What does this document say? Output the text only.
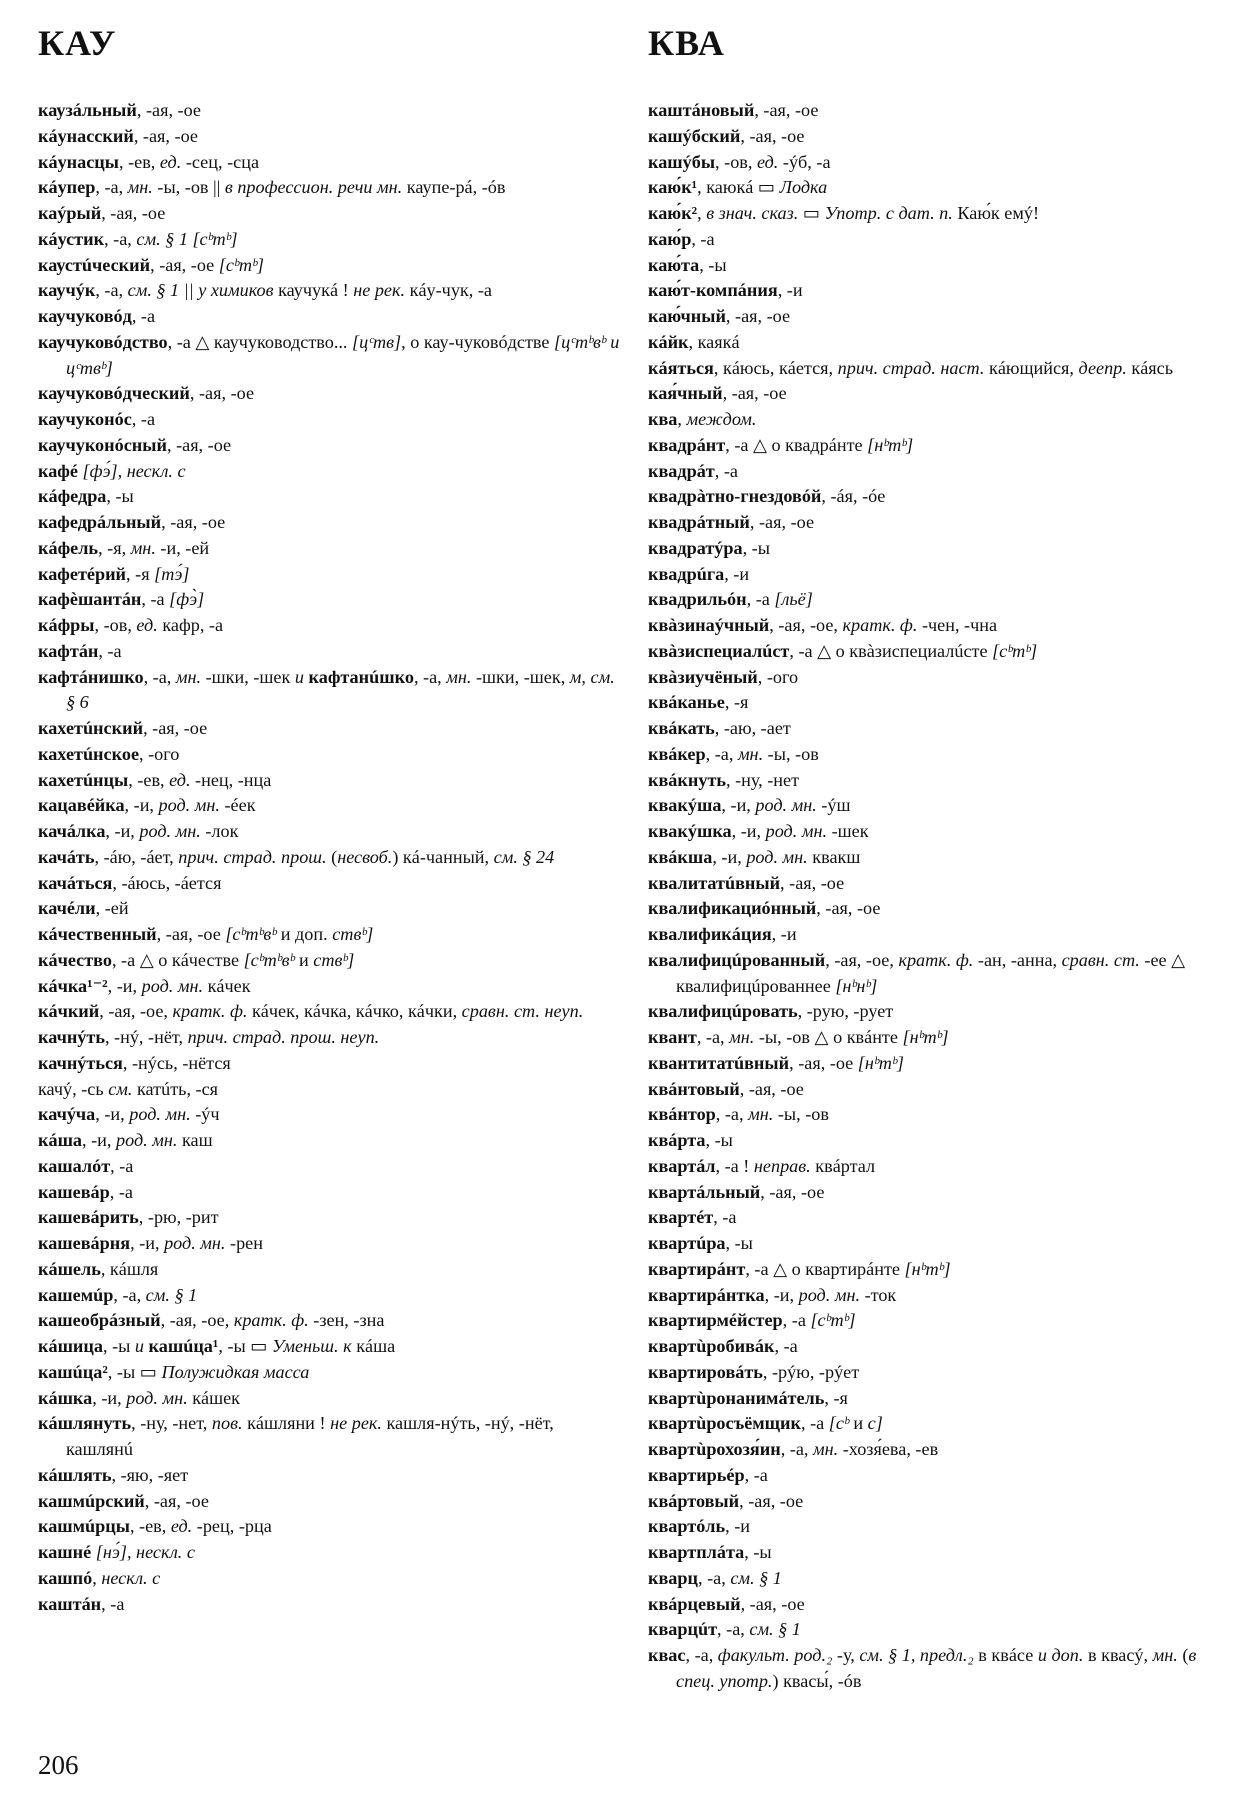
КАУ	КВА
каузáльный, -ая, -ое
кáунасский, -ая, -ое
кáунасцы, -ев, ед. -сец, -сца
кáупер, -а, мн. -ы, -ов || в профессион. речи мн. каупе-рá, -óв
каýрый, -ая, -ое
кáустик, -а, см. § 1 [сᵇтᵇ]
каустúческий, -ая, -ое [сᵇтᵇ]
каучýк, -а, см. § 1 || у химиков каучукá ! не рек. кáу-чук, -а
каучуковóд, -а
каучуковóдство, -а △ каучуководство... [цᶜтв], о кау-чуковóдстве [цᶜтᵇвᵇ и цᶜтвᵇ]
каучуковóдческий, -ая, -ое
каучуконóс, -а
каучуконóсный, -ая, -ое
кафé [фэ́], нескл. с
кáфедра, -ы
кафедрáльный, -ая, -ое
кáфель, -я, мн. -и, -ей
кафетéрий, -я [тэ́]
кафѐшантáн, -а [фэ̀]
кáфры, -ов, ед. кафр, -а
кафтáн, -а
кафтáнишко, -а, мн. -шки, -шек и кафтанúшко, -а, мн. -шки, -шек, м, см. § 6
кахетúнский, -ая, -ое
кахетúнское, -ого
кахетúнцы, -ев, ед. -нец, -нца
кацавéйка, -и, род. мн. -éек
качáлка, -и, род. мн. -лок
качáть, -áю, -áет, прич. страд. прош. (несвоб.) кá-чанный, см. § 24
качáться, -áюсь, -áется
качéли, -ей
кáчественный, -ая, -ое [сᵇтᵇвᵇ и доп. ствᵇ]
кáчество, -а △ о кáчестве [сᵇтᵇвᵇ и ствᵇ]
кáчка¹⁻², -и, род. мн. кáчек
кáчкий, -ая, -ое, кратк. ф. кáчек, кáчка, кáчко, кáчки, сравн. ст. неуп.
качнýть, -нý, -нёт, прич. страд. прош. неуп.
качнýться, -нýсь, -нётся
качý, -сь см. катúть, -ся
качýча, -и, род. мн. -ýч
кáша, -и, род. мн. каш
кашалóт, -а
кашевáр, -а
кашевáрить, -рю, -рит
кашевáрня, -и, род. мн. -рен
кáшель, кáшля
кашемúр, -а, см. § 1
кашеобрáзный, -ая, -ое, кратк. ф. -зен, -зна
кáшица, -ы и кашúца¹, -ы ▭ Уменьш. к кáша
кашúца², -ы ▭ Полужидкая масса
кáшка, -и, род. мн. кáшек
кáшлянуть, -ну, -нет, пов. кáшляни ! не рек. кашля-нýть, -нý, -нёт, кашлянú
кáшлять, -яю, -яет
кашмúрский, -ая, -ое
кашмúрцы, -ев, ед. -рец, -рца
кашнé [нэ́], нескл. с
кашпó, нескл. с
каштáн, -а
каштáновый, -ая, -ое
кашýбский, -ая, -ое
кашýбы, -ов, ед. -ýб, -а
каю́к¹, каюкá ▭ Лодка
каю́к², в знач. сказ. ▭ Употр. с дат. п. Каю́к емý!
каю́р, -а
каю́та, -ы
каю́т-компáния, -и
каю́чный, -ая, -ое
кáйк, каякá
кáяться, кáюсь, кáется, прич. страд. наст. кáющийся, деепр. кáясь
кая́чный, -ая, -ое
ква, междом.
квадрáнт, -а △ о квадрáнте [нᵇтᵇ]
квадрáт, -а
квадрàтно-гнездовóй, -áя, -óе
квадрáтный, -ая, -ое
квадратýра, -ы
квадрúга, -и
квадрильóн, -а [льё]
квàзинаýчный, -ая, -ое, кратк. ф. -чен, -чна
квàзиспециалúст, -а △ о квàзиспециалúсте [сᵇтᵇ]
квàзиучёный, -ого
квáканье, -я
квáкать, -аю, -ает
квáкер, -а, мн. -ы, -ов
квáкнуть, -ну, -нет
квакýша, -и, род. мн. -ýш
квакýшка, -и, род. мн. -шек
квáкша, -и, род. мн. квакш
квалитатúвный, -ая, -ое
квалификациóнный, -ая, -ое
квалификáция, -и
квалифицúрованный, -ая, -ое, кратк. ф. -ан, -анна, сравн. ст. -ее △ квалифицúрованнее [нᵇнᵇ]
квалифицúровать, -рую, -рует
квант, -а, мн. -ы, -ов △ о квáнте [нᵇтᵇ]
квантитатúвный, -ая, -ое [нᵇтᵇ]
квáнтовый, -ая, -ое
квáнтор, -а, мн. -ы, -ов
квáрта, -ы
квартáл, -а ! неправ. квáртал
квартáльный, -ая, -ое
квартéт, -а
квартúра, -ы
квартирáнт, -а △ о квартирáнте [нᵇтᵇ]
квартирáнтка, -и, род. мн. -ток
квартирмéйстер, -а [сᵇтᵇ]
квартùробивáк, -а
квартировáть, -рýю, -рýет
квартùронанимáтель, -я
квартùросъёмщик, -а [сᵇ и с]
квартùрохозя́ин, -а, мн. -хозя́ева, -ев
квартирьéр, -а
квáртовый, -ая, -ое
квартóль, -и
квартплáта, -ы
кварц, -а, см. § 1
квáрцевый, -ая, -ое
кварцúт, -а, см. § 1
квас, -а, факульт. род.₂ -у, см. § 1, предл.₂ в квáсе и доп. в квасý, мн. (в спец. употр.) квасы́, -óв
206
